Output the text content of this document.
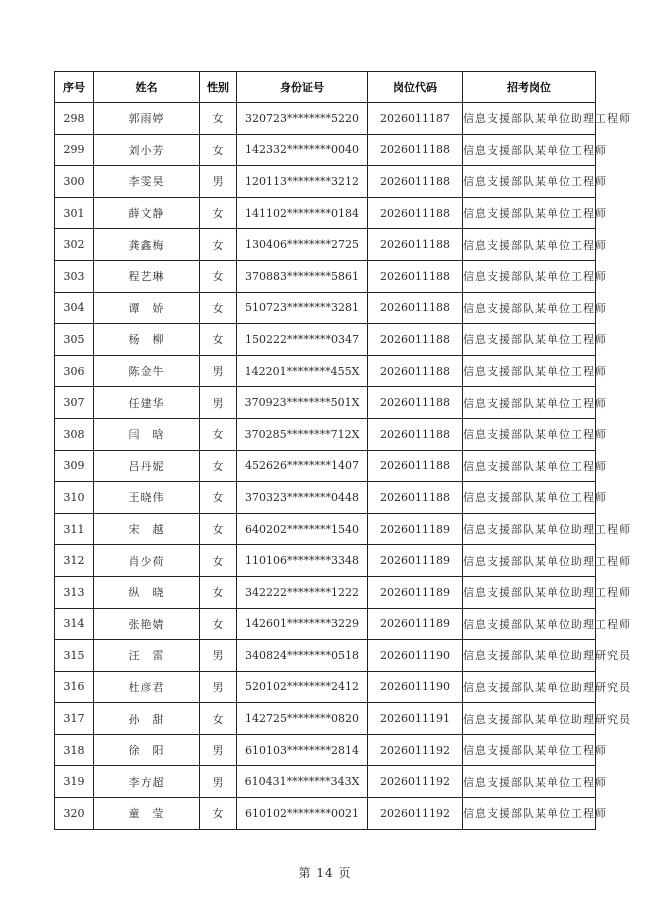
序号	姓名	性别	身份证号	岗位代码	招考岗位
298	郭雨婷	女	320723********5220	2026011187	信息支援部队某单位助理工程师
299	刘小芳	女	142332********0040	2026011188	信息支援部队某单位工程师
300	李雯昊	男	120113********3212	2026011188	信息支援部队某单位工程师
301	薛文静	女	141102********0184	2026011188	信息支援部队某单位工程师
302	龚鑫梅	女	130406********2725	2026011188	信息支援部队某单位工程师
303	程艺琳	女	370883********5861	2026011188	信息支援部队某单位工程师
304	谭　娇	女	510723********3281	2026011188	信息支援部队某单位工程师
305	杨　柳	女	150222********0347	2026011188	信息支援部队某单位工程师
306	陈金牛	男	142201********455X	2026011188	信息支援部队某单位工程师
307	任建华	男	370923********501X	2026011188	信息支援部队某单位工程师
308	闫　晗	女	370285********712X	2026011188	信息支援部队某单位工程师
309	吕丹妮	女	452626********1407	2026011188	信息支援部队某单位工程师
310	王晓伟	女	370323********0448	2026011188	信息支援部队某单位工程师
311	宋　越	女	640202********1540	2026011189	信息支援部队某单位助理工程师
312	肖少荷	女	110106********3348	2026011189	信息支援部队某单位助理工程师
313	纵　晓	女	342222********1222	2026011189	信息支援部队某单位助理工程师
314	张艳婧	女	142601********3229	2026011189	信息支援部队某单位助理工程师
315	汪　雷	男	340824********0518	2026011190	信息支援部队某单位助理研究员
316	杜彦君	男	520102********2412	2026011190	信息支援部队某单位助理研究员
317	孙　甜	女	142725********0820	2026011191	信息支援部队某单位助理研究员
318	徐　阳	男	610103********2814	2026011192	信息支援部队某单位工程师
319	李方超	男	610431********343X	2026011192	信息支援部队某单位工程师
320	童　莹	女	610102********0021	2026011192	信息支援部队某单位工程师
第 14 页
